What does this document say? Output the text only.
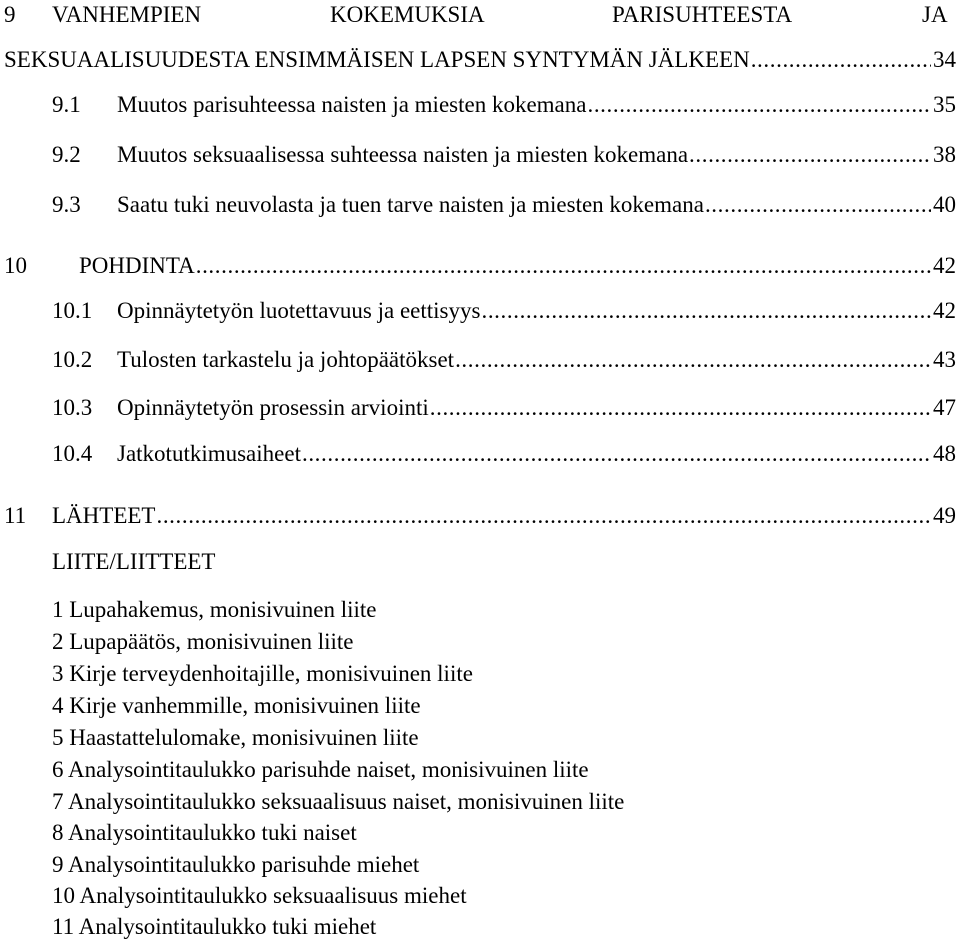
9 VANHEMPIEN	KOKEMUKSIA	PARISUHTEESTA	JA
SEKSUAALISUUDESTA ENSIMMÄISEN LAPSEN SYNTYMÄN JÄLKEEN .....	34
9.1 Muutos parisuhteessa naisten ja miesten kokemana .....	35
9.2 Muutos seksuaalisessa suhteessa naisten ja miesten kokemana .....	38
9.3 Saatu tuki neuvolasta ja tuen tarve naisten ja miesten kokemana .....	40
10 POHDINTA .....	42
10.1 Opinnäytetyön luotettavuus ja eettisyys .....	42
10.2 Tulosten tarkastelu ja johtopäätökset .....	43
10.3 Opinnäytetyön prosessin arviointi .....	47
10.4 Jatkotutkimusaiheet .....	48
11 LÄHTEET .....	49
LIITE/LIITTEET
1 Lupahakemus, monisivuinen liite
2 Lupapäätös, monisivuinen liite
3 Kirje terveydenhoitajille, monisivuinen liite
4 Kirje vanhemmille, monisivuinen liite
5 Haastattelulomake, monisivuinen liite
6 Analysointitaulukko parisuhde naiset, monisivuinen liite
7 Analysointitaulukko seksuaalisuus naiset, monisivuinen liite
8 Analysointitaulukko tuki naiset
9 Analysointitaulukko parisuhde miehet
10 Analysointitaulukko seksuaalisuus miehet
11 Analysointitaulukko tuki miehet
